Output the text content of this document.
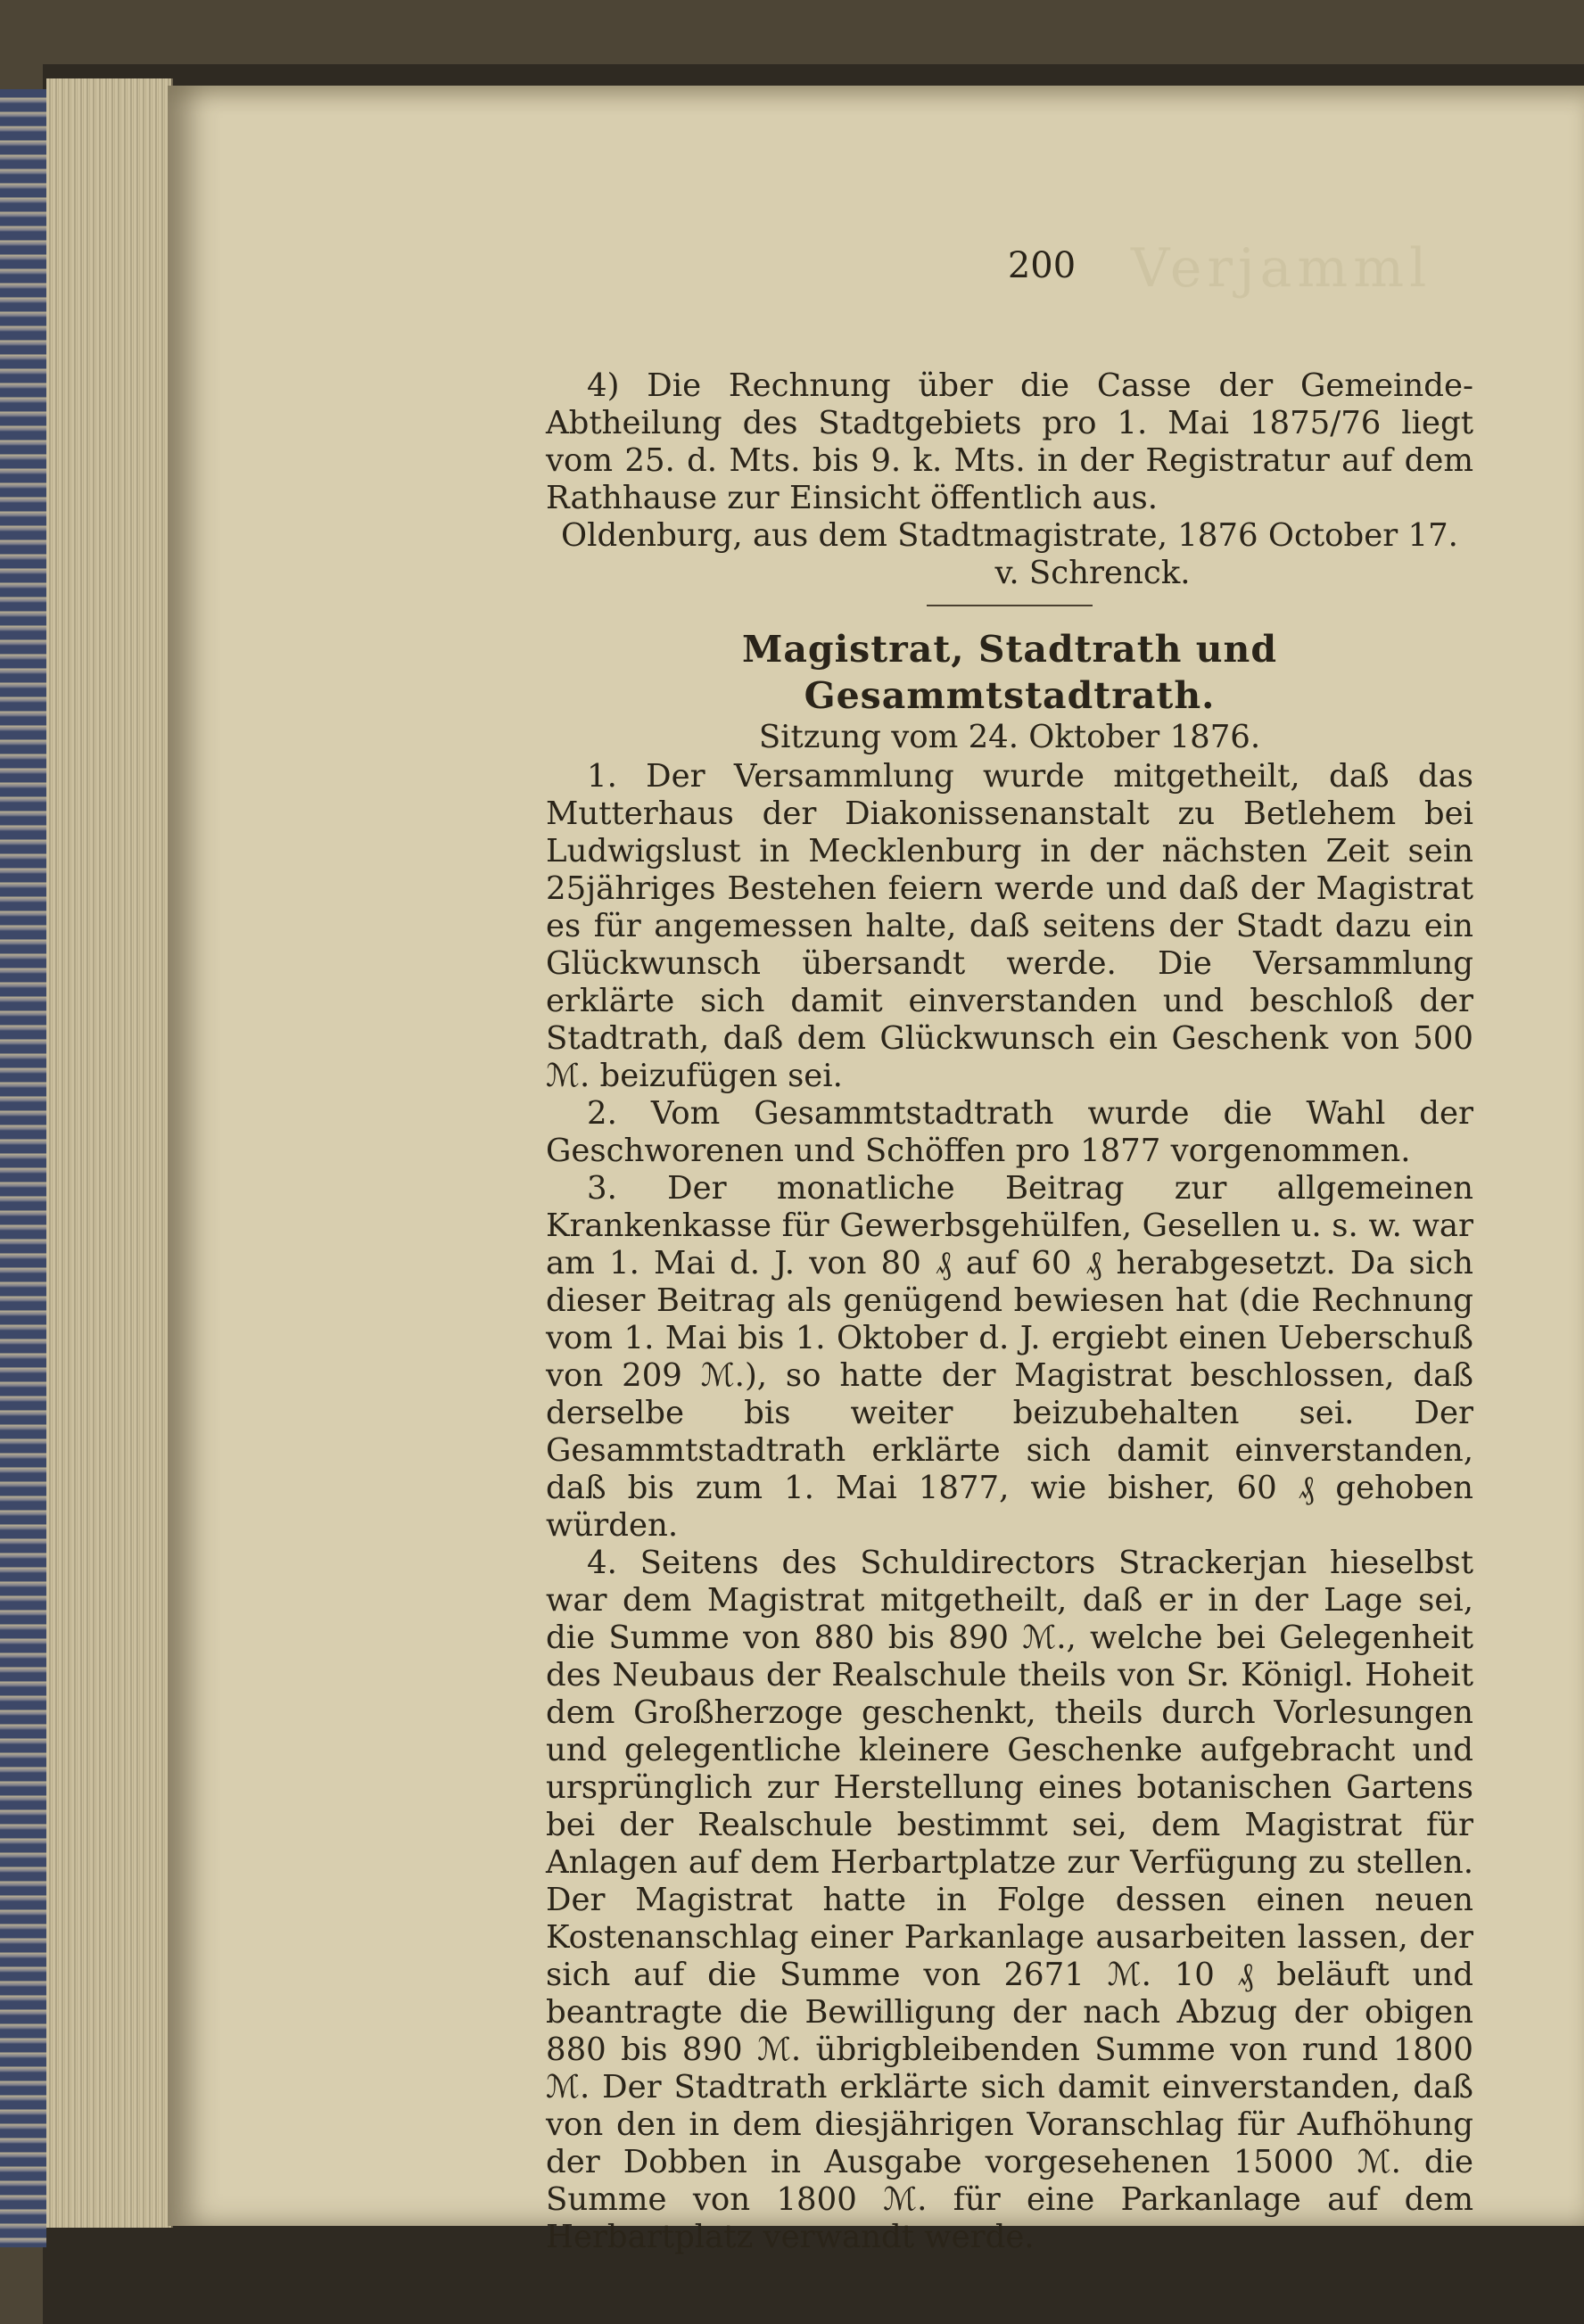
Verjamml
200

4) Die Rechnung über die Casse der Gemeinde-Abtheilung des Stadtgebiets pro 1. Mai 1875/76 liegt vom 25. d. Mts. bis 9. k. Mts. in der Registratur auf dem Rathhause zur Einsicht öffentlich aus.

Oldenburg, aus dem Stadtmagistrate, 1876 October 17.

v. Schrenck.

Magistrat, Stadtrath und Gesammtstadtrath.

Sitzung vom 24. Oktober 1876.

1. Der Versammlung wurde mitgetheilt, daß das Mutterhaus der Diakonissenanstalt zu Betlehem bei Ludwigslust in Mecklenburg in der nächsten Zeit sein 25jähriges Bestehen feiern werde und daß der Magistrat es für angemessen halte, daß seitens der Stadt dazu ein Glückwunsch übersandt werde. Die Versammlung erklärte sich damit einverstanden und beschloß der Stadtrath, daß dem Glückwunsch ein Geschenk von 500 ℳ. beizufügen sei.

2. Vom Gesammtstadtrath wurde die Wahl der Geschworenen und Schöffen pro 1877 vorgenommen.

3. Der monatliche Beitrag zur allgemeinen Krankenkasse für Gewerbsgehülfen, Gesellen u. s. w. war am 1. Mai d. J. von 80 ₰ auf 60 ₰ herabgesetzt. Da sich dieser Beitrag als genügend bewiesen hat (die Rechnung vom 1. Mai bis 1. Oktober d. J. ergiebt einen Ueberschuß von 209 ℳ.), so hatte der Magistrat beschlossen, daß derselbe bis weiter beizubehalten sei. Der Gesammtstadtrath erklärte sich damit einverstanden, daß bis zum 1. Mai 1877, wie bisher, 60 ₰ gehoben würden.

4. Seitens des Schuldirectors Strackerjan hieselbst war dem Magistrat mitgetheilt, daß er in der Lage sei, die Summe von 880 bis 890 ℳ., welche bei Gelegenheit des Neubaus der Realschule theils von Sr. Königl. Hoheit dem Großherzoge geschenkt, theils durch Vorlesungen und gelegentliche kleinere Geschenke aufgebracht und ursprünglich zur Herstellung eines botanischen Gartens bei der Realschule bestimmt sei, dem Magistrat für Anlagen auf dem Herbartplatze zur Verfügung zu stellen. Der Magistrat hatte in Folge dessen einen neuen Kostenanschlag einer Parkanlage ausarbeiten lassen, der sich auf die Summe von 2671 ℳ. 10 ₰ beläuft und beantragte die Bewilligung der nach Abzug der obigen 880 bis 890 ℳ. übrigbleibenden Summe von rund 1800 ℳ. Der Stadtrath erklärte sich damit einverstanden, daß von den in dem diesjährigen Voranschlag für Aufhöhung der Dobben in Ausgabe vorgesehenen 15000 ℳ. die Summe von 1800 ℳ. für eine Parkanlage auf dem Herbartplatz verwandt werde.
